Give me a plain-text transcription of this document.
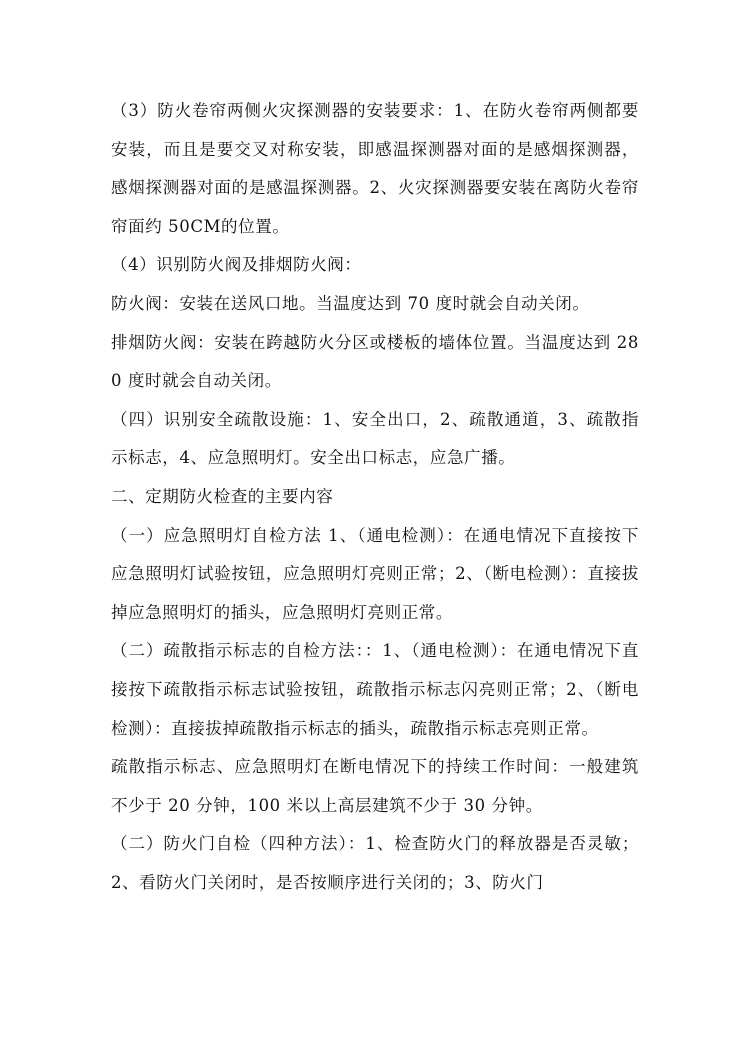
（3）防火卷帘两侧火灾探测器的安装要求：1、在防火卷帘两侧都要安装，而且是要交叉对称安装，即感温探测器对面的是感烟探测器，感烟探测器对面的是感温探测器。2、火灾探测器要安装在离防火卷帘帘面约 50CM的位置。

（4）识别防火阀及排烟防火阀：

防火阀：安装在送风口地。当温度达到 70 度时就会自动关闭。

排烟防火阀：安装在跨越防火分区或楼板的墙体位置。当温度达到 280 度时就会自动关闭。

（四）识别安全疏散设施：1、安全出口，2、疏散通道，3、疏散指示标志，4、应急照明灯。安全出口标志，应急广播。

二、定期防火检查的主要内容

（一）应急照明灯自检方法 1、（通电检测）：在通电情况下直接按下应急照明灯试验按钮，应急照明灯亮则正常；2、（断电检测）：直接拔掉应急照明灯的插头，应急照明灯亮则正常。

（二）疏散指示标志的自检方法：：1、（通电检测）：在通电情况下直接按下疏散指示标志试验按钮，疏散指示标志闪亮则正常；2、（断电检测）：直接拔掉疏散指示标志的插头，疏散指示标志亮则正常。

疏散指示标志、应急照明灯在断电情况下的持续工作时间：一般建筑不少于 20 分钟，100 米以上高层建筑不少于 30 分钟。

（二）防火门自检（四种方法）：1、检查防火门的释放器是否灵敏；2、看防火门关闭时，是否按顺序进行关闭的；3、防火门
